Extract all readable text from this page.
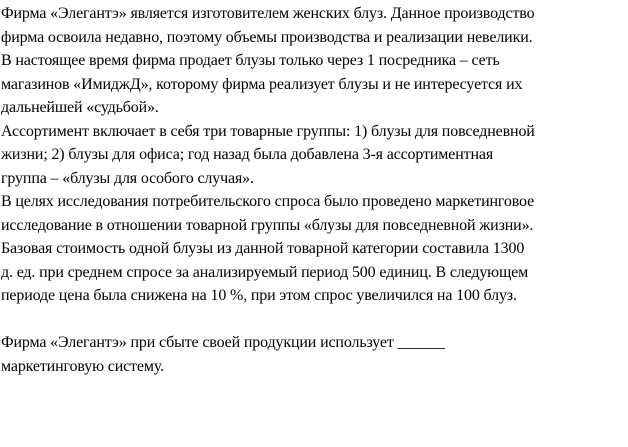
Фирма «Элегантэ» является изготовителем женских блуз. Данное производство
фирма освоила недавно, поэтому объемы производства и реализации невелики.
В настоящее время фирма продает блузы только через 1 посредника – сеть
магазинов «ИмиджД», которому фирма реализует блузы и не интересуется их
дальнейшей «судьбой».
Ассортимент включает в себя три товарные группы: 1) блузы для повседневной
жизни; 2) блузы для офиса; год назад была добавлена 3-я ассортиментная
группа – «блузы для особого случая».
В целях исследования потребительского спроса было проведено маркетинговое
исследование в отношении товарной группы «блузы для повседневной жизни».
Базовая стоимость одной блузы из данной товарной категории составила 1300
д. ед. при среднем спросе за анализируемый период 500 единиц. В следующем
периоде цена была снижена на 10 %, при этом спрос увеличился на 100 блуз.
Фирма «Элегантэ» при сбыте своей продукции использует ______
маркетинговую систему.
